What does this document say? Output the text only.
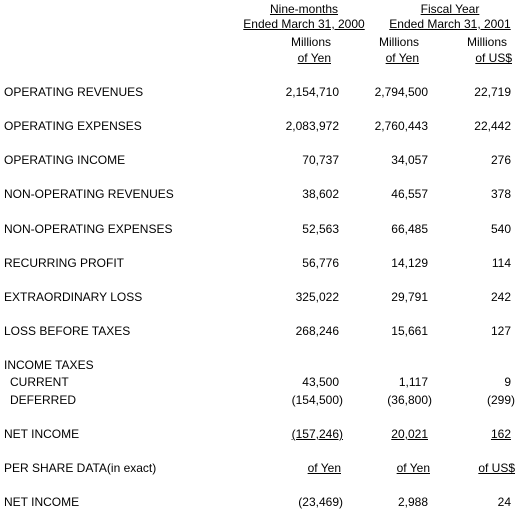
Nine-months
Ended March 31, 2000
Fiscal Year
Ended March 31, 2001
Millions
of Yen
Millions
of Yen
Millions
of US$
OPERATING REVENUES	2,154,710	2,794,500	22,719
OPERATING EXPENSES	2,083,972	2,760,443	22,442
OPERATING INCOME	70,737	34,057	276
NON-OPERATING REVENUES	38,602	46,557	378
NON-OPERATING EXPENSES	52,563	66,485	540
RECURRING PROFIT	56,776	14,129	114
EXTRAORDINARY LOSS	325,022	29,791	242
LOSS BEFORE TAXES	268,246	15,661	127
INCOME TAXES
CURRENT	43,500	1,117	9
DEFERRED	(154,500)	(36,800)	(299)
NET INCOME	(157,246)	20,021	162
PER SHARE DATA(in exact)	of Yen	of Yen	of US$
NET INCOME	(23,469)	2,988	24
